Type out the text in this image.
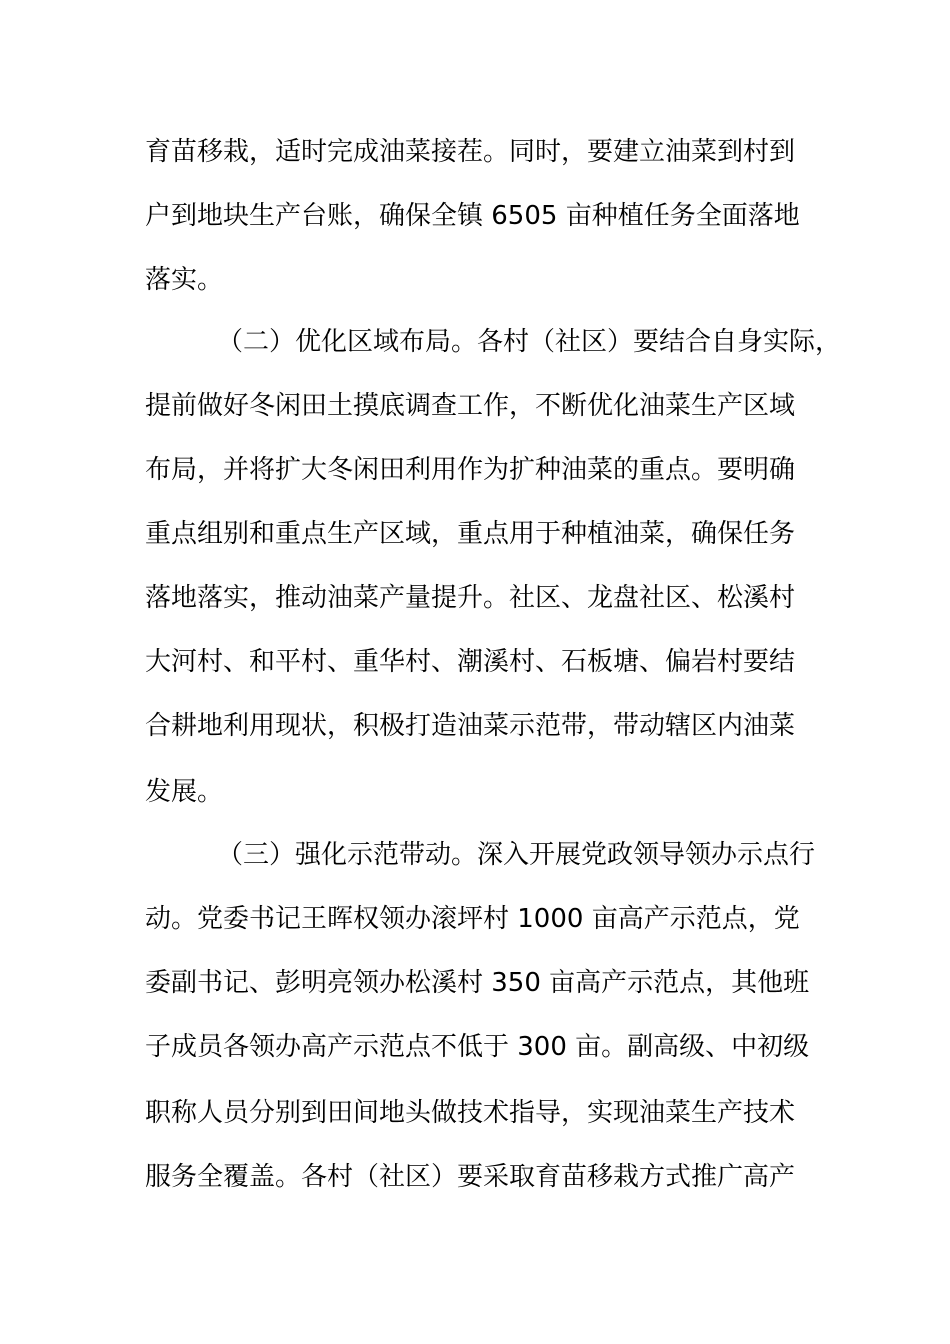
育苗移栽，适时完成油菜接茬。同时，要建立油菜到村到

户到地块生产台账，确保全镇 6505 亩种植任务全面落地

落实。

（二）优化区域布局。各村（社区）要结合自身实际，

提前做好冬闲田土摸底调查工作，不断优化油菜生产区域

布局，并将扩大冬闲田利用作为扩种油菜的重点。要明确

重点组别和重点生产区域，重点用于种植油菜，确保任务

落地落实，推动油菜产量提升。社区、龙盘社区、松溪村

大河村、和平村、重华村、潮溪村、石板塘、偏岩村要结

合耕地利用现状，积极打造油菜示范带，带动辖区内油菜

发展。

（三）强化示范带动。深入开展党政领导领办示点行

动。党委书记王晖权领办滚坪村 1000 亩高产示范点，党

委副书记、彭明亮领办松溪村 350 亩高产示范点，其他班

子成员各领办高产示范点不低于 300 亩。副高级、中初级

职称人员分别到田间地头做技术指导，实现油菜生产技术

服务全覆盖。各村（社区）要采取育苗移栽方式推广高产
